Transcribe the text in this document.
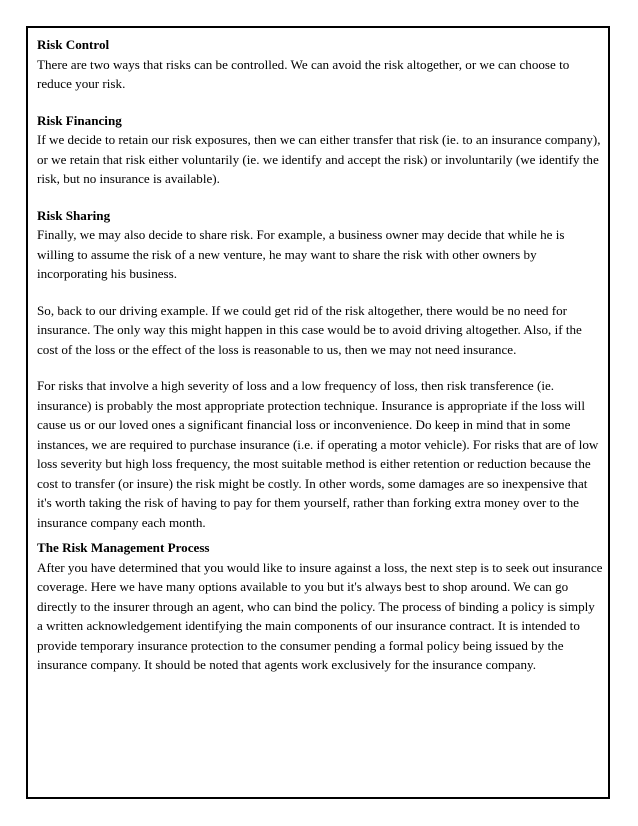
Risk Control

There are two ways that risks can be controlled. We can avoid the risk altogether, or we can choose to reduce your risk.

Risk Financing

If we decide to retain our risk exposures, then we can either transfer that risk (ie. to an insurance company), or we retain that risk either voluntarily (ie. we identify and accept the risk) or involuntarily (we identify the risk, but no insurance is available).

Risk Sharing

Finally, we may also decide to share risk. For example, a business owner may decide that while he is willing to assume the risk of a new venture, he may want to share the risk with other owners by incorporating his business.

So, back to our driving example. If we could get rid of the risk altogether, there would be no need for insurance. The only way this might happen in this case would be to avoid driving altogether. Also, if the cost of the loss or the effect of the loss is reasonable to us, then we may not need insurance.

For risks that involve a high severity of loss and a low frequency of loss, then risk transference (ie. insurance) is probably the most appropriate protection technique. Insurance is appropriate if the loss will cause us or our loved ones a significant financial loss or inconvenience. Do keep in mind that in some instances, we are required to purchase insurance (i.e. if operating a motor vehicle). For risks that are of low loss severity but high loss frequency, the most suitable method is either retention or reduction because the cost to transfer (or insure) the risk might be costly. In other words, some damages are so inexpensive that it's worth taking the risk of having to pay for them yourself, rather than forking extra money over to the insurance company each month.

The Risk Management Process

After you have determined that you would like to insure against a loss, the next step is to seek out insurance coverage. Here we have many options available to you but it's always best to shop around. We can go directly to the insurer through an agent, who can bind the policy. The process of binding a policy is simply a written acknowledgement identifying the main components of our insurance contract. It is intended to provide temporary insurance protection to the consumer pending a formal policy being issued by the insurance company. It should be noted that agents work exclusively for the insurance company.
